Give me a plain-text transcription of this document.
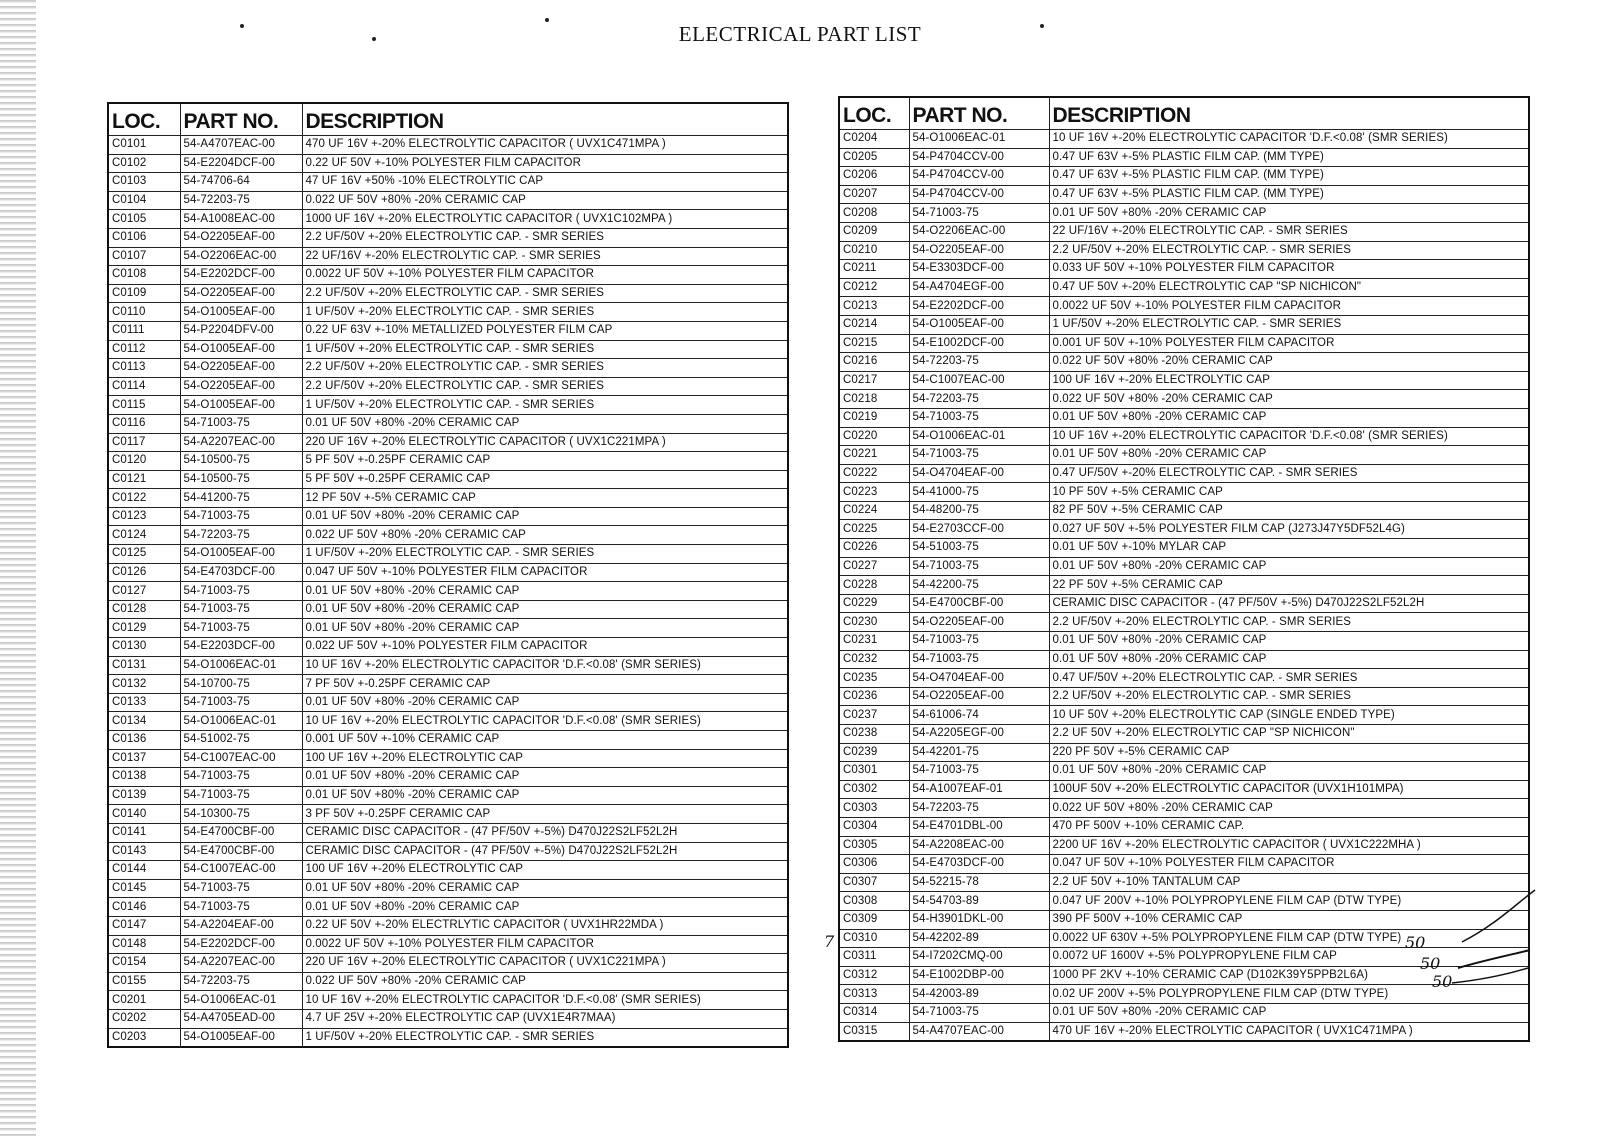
ELECTRICAL PART LIST
LOC.	PART NO.	DESCRIPTION
C0101	54-A4707EAC-00	470 UF 16V +-20% ELECTROLYTIC CAPACITOR ( UVX1C471MPA )
C0102	54-E2204DCF-00	0.22 UF 50V +-10% POLYESTER FILM CAPACITOR
C0103	54-74706-64	47 UF 16V +50% -10% ELECTROLYTIC CAP
C0104	54-72203-75	0.022 UF 50V +80% -20% CERAMIC CAP
C0105	54-A1008EAC-00	1000 UF 16V +-20% ELECTROLYTIC CAPACITOR ( UVX1C102MPA )
C0106	54-O2205EAF-00	2.2 UF/50V +-20% ELECTROLYTIC CAP. - SMR SERIES
C0107	54-O2206EAC-00	22 UF/16V +-20% ELECTROLYTIC CAP. - SMR SERIES
C0108	54-E2202DCF-00	0.0022 UF 50V +-10% POLYESTER FILM CAPACITOR
C0109	54-O2205EAF-00	2.2 UF/50V +-20% ELECTROLYTIC CAP. - SMR SERIES
C0110	54-O1005EAF-00	1 UF/50V +-20% ELECTROLYTIC CAP. - SMR SERIES
C0111	54-P2204DFV-00	0.22 UF 63V +-10% METALLIZED POLYESTER FILM CAP
C0112	54-O1005EAF-00	1 UF/50V +-20% ELECTROLYTIC CAP. - SMR SERIES
C0113	54-O2205EAF-00	2.2 UF/50V +-20% ELECTROLYTIC CAP. - SMR SERIES
C0114	54-O2205EAF-00	2.2 UF/50V +-20% ELECTROLYTIC CAP. - SMR SERIES
C0115	54-O1005EAF-00	1 UF/50V +-20% ELECTROLYTIC CAP. - SMR SERIES
C0116	54-71003-75	0.01 UF 50V +80% -20% CERAMIC CAP
C0117	54-A2207EAC-00	220 UF 16V +-20% ELECTROLYTIC CAPACITOR ( UVX1C221MPA )
C0120	54-10500-75	5 PF 50V +-0.25PF CERAMIC CAP
C0121	54-10500-75	5 PF 50V +-0.25PF CERAMIC CAP
C0122	54-41200-75	12 PF 50V +-5% CERAMIC CAP
C0123	54-71003-75	0.01 UF 50V +80% -20% CERAMIC CAP
C0124	54-72203-75	0.022 UF 50V +80% -20% CERAMIC CAP
C0125	54-O1005EAF-00	1 UF/50V +-20% ELECTROLYTIC CAP. - SMR SERIES
C0126	54-E4703DCF-00	0.047 UF 50V +-10% POLYESTER FILM CAPACITOR
C0127	54-71003-75	0.01 UF 50V +80% -20% CERAMIC CAP
C0128	54-71003-75	0.01 UF 50V +80% -20% CERAMIC CAP
C0129	54-71003-75	0.01 UF 50V +80% -20% CERAMIC CAP
C0130	54-E2203DCF-00	0.022 UF 50V +-10% POLYESTER FILM CAPACITOR
C0131	54-O1006EAC-01	10 UF 16V +-20% ELECTROLYTIC CAPACITOR 'D.F.<0.08' (SMR SERIES)
C0132	54-10700-75	7 PF 50V +-0.25PF CERAMIC CAP
C0133	54-71003-75	0.01 UF 50V +80% -20% CERAMIC CAP
C0134	54-O1006EAC-01	10 UF 16V +-20% ELECTROLYTIC CAPACITOR 'D.F.<0.08' (SMR SERIES)
C0136	54-51002-75	0.001 UF 50V +-10% CERAMIC CAP
C0137	54-C1007EAC-00	100 UF 16V +-20% ELECTROLYTIC CAP
C0138	54-71003-75	0.01 UF 50V +80% -20% CERAMIC CAP
C0139	54-71003-75	0.01 UF 50V +80% -20% CERAMIC CAP
C0140	54-10300-75	3 PF 50V +-0.25PF CERAMIC CAP
C0141	54-E4700CBF-00	CERAMIC DISC CAPACITOR - (47 PF/50V +-5%) D470J22S2LF52L2H
C0143	54-E4700CBF-00	CERAMIC DISC CAPACITOR - (47 PF/50V +-5%) D470J22S2LF52L2H
C0144	54-C1007EAC-00	100 UF 16V +-20% ELECTROLYTIC CAP
C0145	54-71003-75	0.01 UF 50V +80% -20% CERAMIC CAP
C0146	54-71003-75	0.01 UF 50V +80% -20% CERAMIC CAP
C0147	54-A2204EAF-00	0.22 UF 50V +-20% ELECTRLYTIC CAPACITOR ( UVX1HR22MDA )
C0148	54-E2202DCF-00	0.0022 UF 50V +-10% POLYESTER FILM CAPACITOR
C0154	54-A2207EAC-00	220 UF 16V +-20% ELECTROLYTIC CAPACITOR ( UVX1C221MPA )
C0155	54-72203-75	0.022 UF 50V +80% -20% CERAMIC CAP
C0201	54-O1006EAC-01	10 UF 16V +-20% ELECTROLYTIC CAPACITOR 'D.F.<0.08' (SMR SERIES)
C0202	54-A4705EAD-00	4.7 UF 25V +-20% ELECTROLYTIC CAP (UVX1E4R7MAA)
C0203	54-O1005EAF-00	1 UF/50V +-20% ELECTROLYTIC CAP. - SMR SERIES
LOC.	PART NO.	DESCRIPTION
C0204	54-O1006EAC-01	10 UF 16V +-20% ELECTROLYTIC CAPACITOR 'D.F.<0.08' (SMR SERIES)
C0205	54-P4704CCV-00	0.47 UF 63V +-5% PLASTIC FILM CAP. (MM TYPE)
C0206	54-P4704CCV-00	0.47 UF 63V +-5% PLASTIC FILM CAP. (MM TYPE)
C0207	54-P4704CCV-00	0.47 UF 63V +-5% PLASTIC FILM CAP. (MM TYPE)
C0208	54-71003-75	0.01 UF 50V +80% -20% CERAMIC CAP
C0209	54-O2206EAC-00	22 UF/16V +-20% ELECTROLYTIC CAP. - SMR SERIES
C0210	54-O2205EAF-00	2.2 UF/50V +-20% ELECTROLYTIC CAP. - SMR SERIES
C0211	54-E3303DCF-00	0.033 UF 50V +-10% POLYESTER FILM CAPACITOR
C0212	54-A4704EGF-00	0.47 UF 50V +-20% ELECTROLYTIC CAP "SP NICHICON"
C0213	54-E2202DCF-00	0.0022 UF 50V +-10% POLYESTER FILM CAPACITOR
C0214	54-O1005EAF-00	1 UF/50V +-20% ELECTROLYTIC CAP. - SMR SERIES
C0215	54-E1002DCF-00	0.001 UF 50V +-10% POLYESTER FILM CAPACITOR
C0216	54-72203-75	0.022 UF 50V +80% -20% CERAMIC CAP
C0217	54-C1007EAC-00	100 UF 16V +-20% ELECTROLYTIC CAP
C0218	54-72203-75	0.022 UF 50V +80% -20% CERAMIC CAP
C0219	54-71003-75	0.01 UF 50V +80% -20% CERAMIC CAP
C0220	54-O1006EAC-01	10 UF 16V +-20% ELECTROLYTIC CAPACITOR 'D.F.<0.08' (SMR SERIES)
C0221	54-71003-75	0.01 UF 50V +80% -20% CERAMIC CAP
C0222	54-O4704EAF-00	0.47 UF/50V +-20% ELECTROLYTIC CAP. - SMR SERIES
C0223	54-41000-75	10 PF 50V +-5% CERAMIC CAP
C0224	54-48200-75	82 PF 50V +-5% CERAMIC CAP
C0225	54-E2703CCF-00	0.027 UF 50V +-5% POLYESTER FILM CAP (J273J47Y5DF52L4G)
C0226	54-51003-75	0.01 UF 50V +-10% MYLAR CAP
C0227	54-71003-75	0.01 UF 50V +80% -20% CERAMIC CAP
C0228	54-42200-75	22 PF 50V +-5% CERAMIC CAP
C0229	54-E4700CBF-00	CERAMIC DISC CAPACITOR - (47 PF/50V +-5%) D470J22S2LF52L2H
C0230	54-O2205EAF-00	2.2 UF/50V +-20% ELECTROLYTIC CAP. - SMR SERIES
C0231	54-71003-75	0.01 UF 50V +80% -20% CERAMIC CAP
C0232	54-71003-75	0.01 UF 50V +80% -20% CERAMIC CAP
C0235	54-O4704EAF-00	0.47 UF/50V +-20% ELECTROLYTIC CAP. - SMR SERIES
C0236	54-O2205EAF-00	2.2 UF/50V +-20% ELECTROLYTIC CAP. - SMR SERIES
C0237	54-61006-74	10 UF 50V +-20% ELECTROLYTIC CAP (SINGLE ENDED TYPE)
C0238	54-A2205EGF-00	2.2 UF 50V +-20% ELECTROLYTIC CAP "SP NICHICON"
C0239	54-42201-75	220 PF 50V +-5% CERAMIC CAP
C0301	54-71003-75	0.01 UF 50V +80% -20% CERAMIC CAP
C0302	54-A1007EAF-01	100UF 50V +-20% ELECTROLYTIC CAPACITOR (UVX1H101MPA)
C0303	54-72203-75	0.022 UF 50V +80% -20% CERAMIC CAP
C0304	54-E4701DBL-00	470 PF 500V +-10% CERAMIC CAP.
C0305	54-A2208EAC-00	2200 UF 16V +-20% ELECTROLYTIC CAPACITOR ( UVX1C222MHA )
C0306	54-E4703DCF-00	0.047 UF 50V +-10% POLYESTER FILM CAPACITOR
C0307	54-52215-78	2.2 UF 50V +-10% TANTALUM CAP
C0308	54-54703-89	0.047 UF 200V +-10% POLYPROPYLENE FILM CAP (DTW TYPE)
C0309	54-H3901DKL-00	390 PF 500V +-10% CERAMIC CAP
C0310	54-42202-89	0.0022 UF 630V +-5% POLYPROPYLENE FILM CAP (DTW TYPE)
C0311	54-I7202CMQ-00	0.0072 UF 1600V +-5% POLYPROPYLENE FILM CAP
C0312	54-E1002DBP-00	1000 PF 2KV +-10% CERAMIC CAP (D102K39Y5PPB2L6A)
C0313	54-42003-89	0.02 UF 200V +-5% POLYPROPYLENE FILM CAP (DTW TYPE)
C0314	54-71003-75	0.01 UF 50V +80% -20% CERAMIC CAP
C0315	54-A4707EAC-00	470 UF 16V +-20% ELECTROLYTIC CAPACITOR ( UVX1C471MPA )
50
50
50
7
